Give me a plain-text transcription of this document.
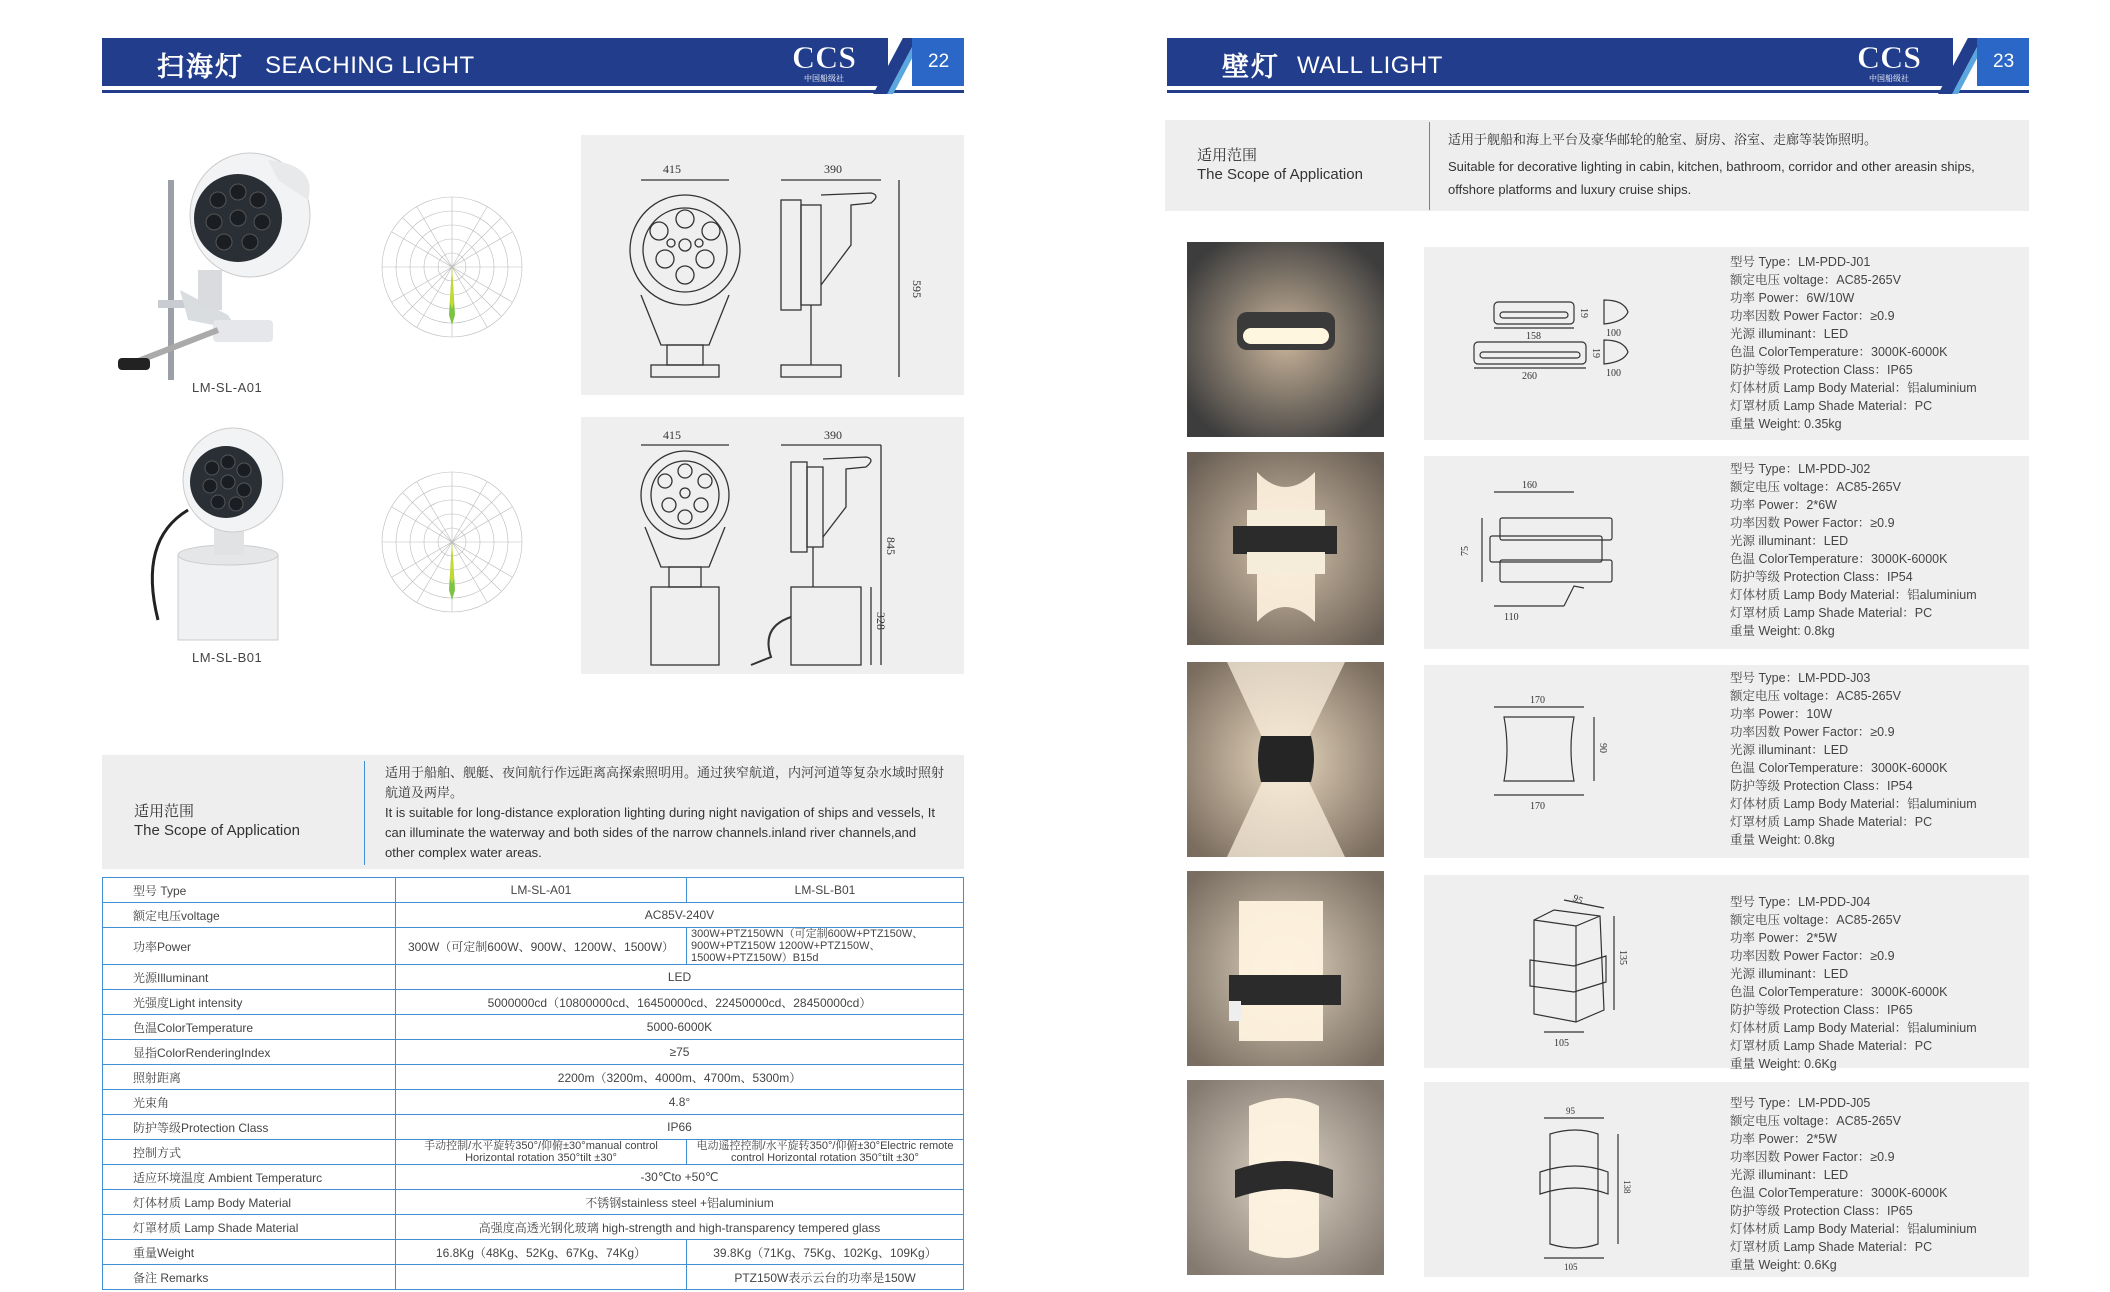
扫海灯 SEACHING LIGHT	CCS
中国船级社
22
LM-SL-A01
415	390
595
LM-SL-B01
415	390
845
328
适用范围
The Scope of Application
适用于船舶、舰艇、夜间航行作远距离高探索照明用。通过狭窄航道，内河河道等复杂水域时照射航道及两岸。
It is suitable for long-distance exploration lighting during night navigation of ships and vessels, It can illuminate the waterway and both sides of the narrow channels.inland river channels,and other complex water areas.
型号 Type	LM-SL-A01	LM-SL-B01
额定电压voltage	AC85V-240V	
功率Power	300W（可定制600W、900W、1200W、1500W）	300W+PTZ150WN（可定制600W+PTZ150W、900W+PTZ150W 1200W+PTZ150W、1500W+PTZ150W）B15d
光源Illuminant	LED	
光强度Light intensity	5000000cd（10800000cd、16450000cd、22450000cd、28450000cd）	
色温ColorTemperature	5000-6000K	
显指ColorRenderingIndex	≥75	
照射距离	2200m（3200m、4000m、4700m、5300m）	
光束角	4.8°	
防护等级Protection Class	IP66	
控制方式	手动控制/水平旋转350°/仰俯±30°manual control Horizontal rotation 350°tilt ±30°	电动遥控控制/水平旋转350°/仰俯±30°Electric remote control Horizontal rotation 350°tilt ±30°
适应环境温度 Ambient Temperaturc	-30℃to +50℃	
灯体材质 Lamp Body Material	不锈钢stainless steel +铝aluminium	
灯罩材质 Lamp Shade Material	高强度高透光钢化玻璃 high-strength and high-transparency tempered glass	
重量Weight	16.8Kg（48Kg、52Kg、67Kg、74Kg）	39.8Kg（71Kg、75Kg、102Kg、109Kg）
备注 Remarks		PTZ150W表示云台的功率是150W
壁灯 WALL LIGHT	CCS
中国船级社
23
适用范围
The Scope of Application
适用于舰船和海上平台及豪华邮轮的舱室、厨房、浴室、走廊等装饰照明。
Suitable for decorative lighting in cabin, kitchen, bathroom, corridor and other areasin ships, offshore platforms and luxury cruise ships.
158
19
100
260
19
100
型号 Type：LM-PDD-J01
额定电压 voltage：AC85-265V
功率 Power：6W/10W
功率因数 Power Factor：≥0.9
光源 illuminant：LED
色温 ColorTemperature：3000K-6000K
防护等级 Protection Class：IP65
灯体材质 Lamp Body Material：铝aluminium
灯罩材质 Lamp Shade Material：PC
重量 Weight: 0.35kg
160
75
110
型号 Type：LM-PDD-J02
额定电压 voltage：AC85-265V
功率 Power：2*6W
功率因数 Power Factor：≥0.9
光源 illuminant：LED
色温 ColorTemperature：3000K-6000K
防护等级 Protection Class：IP54
灯体材质 Lamp Body Material：铝aluminium
灯罩材质 Lamp Shade Material：PC
重量 Weight: 0.8kg
170
90
170
型号 Type：LM-PDD-J03
额定电压 voltage：AC85-265V
功率 Power：10W
功率因数 Power Factor：≥0.9
光源 illuminant：LED
色温 ColorTemperature：3000K-6000K
防护等级 Protection Class：IP54
灯体材质 Lamp Body Material：铝aluminium
灯罩材质 Lamp Shade Material：PC
重量 Weight: 0.8kg
95
135
105
型号 Type：LM-PDD-J04
额定电压 voltage：AC85-265V
功率 Power：2*5W
功率因数 Power Factor：≥0.9
光源 illuminant：LED
色温 ColorTemperature：3000K-6000K
防护等级 Protection Class：IP65
灯体材质 Lamp Body Material：铝aluminium
灯罩材质 Lamp Shade Material：PC
重量 Weight: 0.6Kg
95
138
105
型号 Type：LM-PDD-J05
额定电压 voltage：AC85-265V
功率 Power：2*5W
功率因数 Power Factor：≥0.9
光源 illuminant：LED
色温 ColorTemperature：3000K-6000K
防护等级 Protection Class：IP65
灯体材质 Lamp Body Material：铝aluminium
灯罩材质 Lamp Shade Material：PC
重量 Weight: 0.6Kg
